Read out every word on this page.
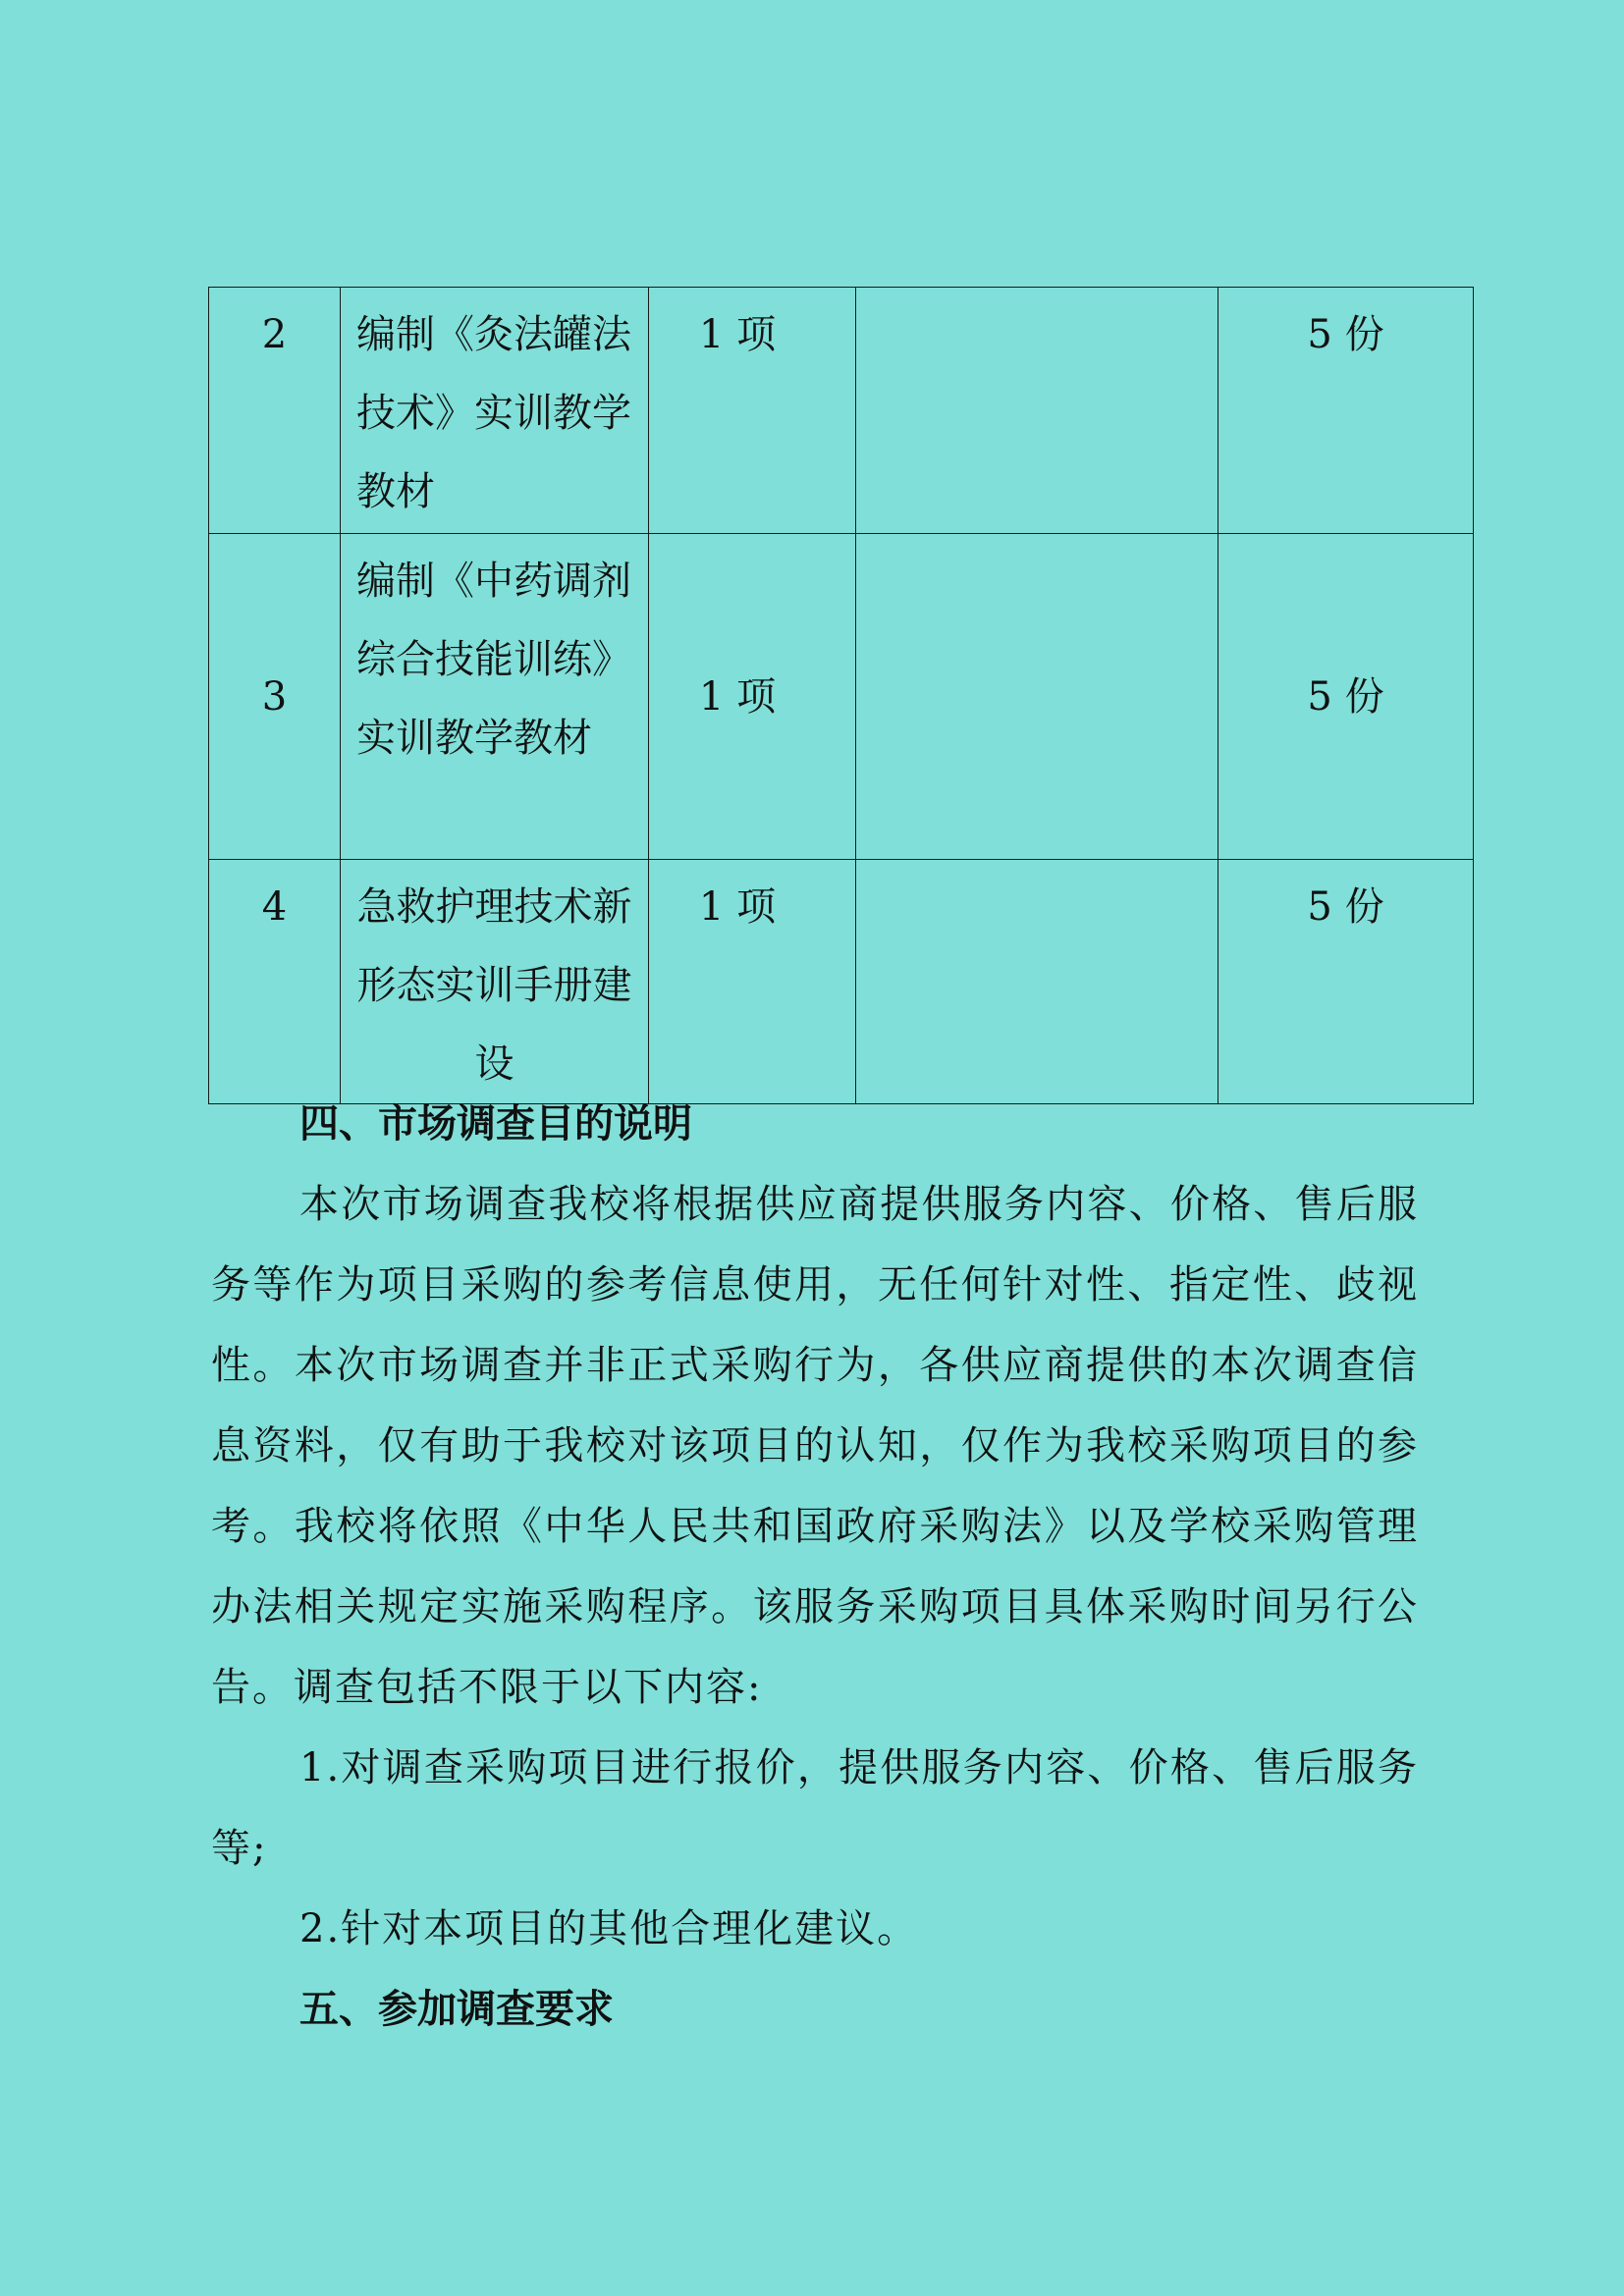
2	编制《灸法罐法技术》实训教学教材	1 项		5 份
3	编制《中药调剂综合技能训练》实训教学教材	1 项		5 份
4	急救护理技术新形态实训手册建设	1 项		5 份
四、市场调查目的说明

本次市场调查我校将根据供应商提供服务内容、价格、售后服务等作为项目采购的参考信息使用，无任何针对性、指定性、歧视性。本次市场调查并非正式采购行为，各供应商提供的本次调查信息资料，仅有助于我校对该项目的认知，仅作为我校采购项目的参考。我校将依照《中华人民共和国政府采购法》以及学校采购管理办法相关规定实施采购程序。该服务采购项目具体采购时间另行公告。调查包括不限于以下内容:

1.对调查采购项目进行报价，提供服务内容、价格、售后服务等;

2.针对本项目的其他合理化建议。

五、参加调查要求
